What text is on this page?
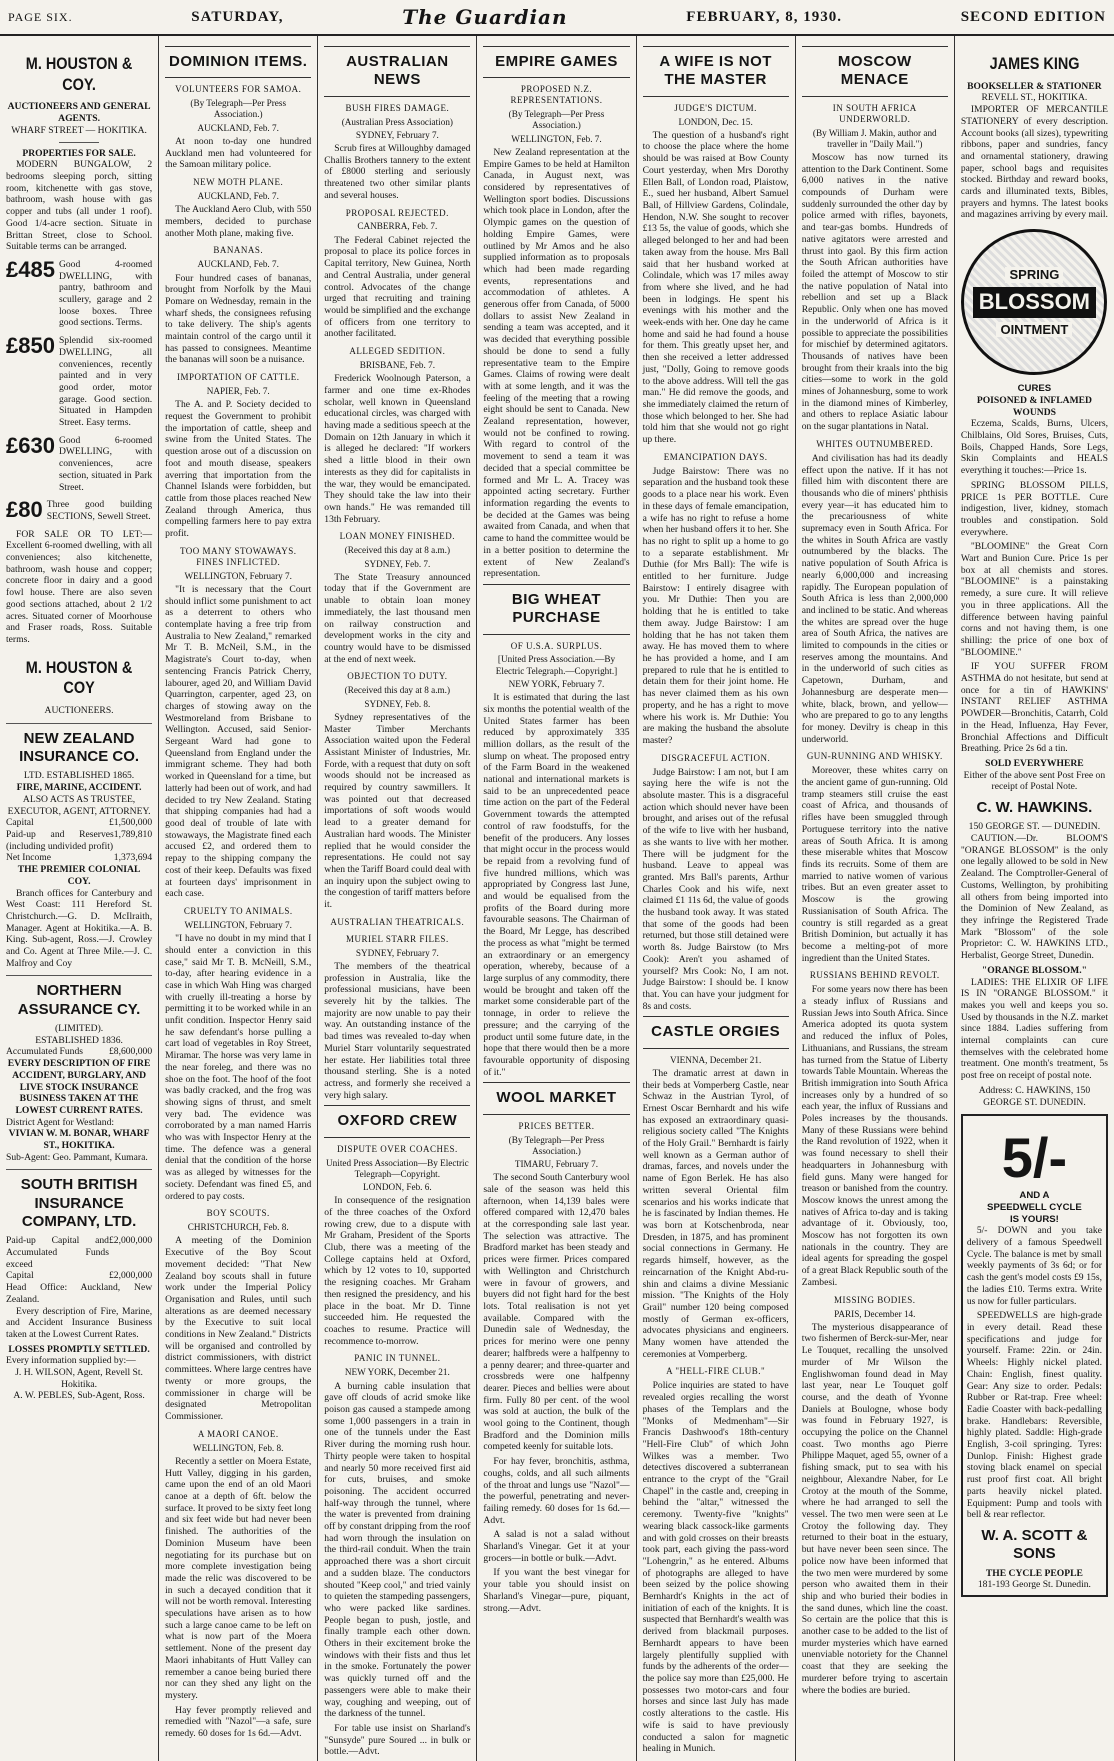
PAGE SIX.	SATURDAY,	The Guardian	FEBRUARY, 8, 1930.	SECOND EDITION
M. HOUSTON & COY.
AUCTIONEERS AND GENERAL AGENTS.
WHARF STREET — HOKITIKA.
PROPERTIES FOR SALE.
MODERN BUNGALOW, 2 bedrooms sleeping porch, sitting room, kitchenette with gas stove, bathroom, wash house with gas copper and tubs (all under 1 roof). Good 1/4-acre section. Situate in Brittan Street, close to School. Suitable terms can be arranged.
£485 Good 4-roomed DWELLING, with pantry, bathroom and scullery, garage and 2 loose boxes. Three good sections. Terms.
£850 Splendid six-roomed DWELLING, all conveniences, recently painted and in very good order, motor garage. Good section. Situated in Hampden Street. Easy terms.
£630 Good 6-roomed DWELLING, with conveniences, acre section, situated in Park Street.
£80 Three good building SECTIONS, Sewell Street.
FOR SALE OR TO LET:—Excellent 6-roomed dwelling, with all conveniences; also kitchenette, bathroom, wash house and copper; concrete floor in dairy and a good fowl house. There are also seven good sections attached, about 2 1/2 acres. Situated corner of Moorhouse and Fraser roads, Ross. Suitable terms.
M. HOUSTON & COY
AUCTIONEERS.
NEW ZEALAND INSURANCE CO.
LTD. ESTABLISHED 1865.
FIRE, MARINE, ACCIDENT.
ALSO ACTS AS TRUSTEE, EXECUTOR, AGENT, ATTORNEY.
Capital	£1,500,000
Paid-up and Reserves (including undivided profit)
1,789,810
Net Income	1,373,694
THE PREMIER COLONIAL COY.
Branch offices for Canterbury and West Coast: 111 Hereford St. Christchurch.—G. D. McIlraith, Manager. Agent at Hokitika.—A. B. King. Sub-agent, Ross.—J. Crowley and Co. Agent at Three Mile.—J. C. Malfroy and Coy
NORTHERN ASSURANCE CY.
(LIMITED).
ESTABLISHED 1836.
Accumulated Funds	£8,600,000
EVERY DESCRIPTION OF FIRE ACCIDENT, BURGLARY, AND LIVE STOCK INSURANCE BUSINESS TAKEN AT THE LOWEST CURRENT RATES.
District Agent for Westland:
VIVIAN W. M. BONAR, WHARF ST., HOKITIKA.
Sub-Agent: Geo. Pammant, Kumara.
SOUTH BRITISH INSURANCE COMPANY, LTD.
Paid-up Capital and Accumulated Funds exceed
£2,000,000
Capital	£2,000,000
Head Office: Auckland, New Zealand.
Every description of Fire, Marine, and Accident Insurance Business taken at the Lowest Current Rates.
LOSSES PROMPTLY SETTLED.
Every information supplied by:—
J. H. WILSON, Agent, Revell St. Hokitika.
A. W. PEBLES, Sub-Agent, Ross.
DOMINION ITEMS.
VOLUNTEERS FOR SAMOA.
(By Telegraph—Per Press Association.)
AUCKLAND, Feb. 7.
At noon to-day one hundred Auckland men had volunteered for the Samoan military police.
NEW MOTH PLANE.
AUCKLAND, Feb. 7.
The Auckland Aero Club, with 550 members, decided to purchase another Moth plane, making five.
BANANAS.
AUCKLAND, Feb. 7.
Four hundred cases of bananas, brought from Norfolk by the Maui Pomare on Wednesday, remain in the wharf sheds, the consignees refusing to take delivery. The ship's agents maintain control of the cargo until it has passed to consignees. Meantime the bananas will soon be a nuisance.
IMPORTATION OF CATTLE.
NAPIER, Feb. 7.
The A. and P. Society decided to request the Government to prohibit the importation of cattle, sheep and swine from the United States. The question arose out of a discussion on foot and mouth disease, speakers averring that importation from the Channel Islands were forbidden, but cattle from those places reached New Zealand through America, thus compelling farmers here to pay extra profit.
TOO MANY STOWAWAYS. FINES INFLICTED.
WELLINGTON, February 7.
"It is necessary that the Court should inflict some punishment to act as a deterrent to others who contemplate having a free trip from Australia to New Zealand," remarked Mr T. B. McNeil, S.M., in the Magistrate's Court to-day, when sentencing Francis Patrick Cherry, labourer, aged 20, and William David Quarrington, carpenter, aged 23, on charges of stowing away on the Westmoreland from Brisbane to Wellington. Accused, said Senior-Sergeant Ward had gone to Queensland from England under the immigrant scheme. They had both worked in Queensland for a time, but latterly had been out of work, and had decided to try New Zealand. Stating that shipping companies had had a good deal of trouble of late with stowaways, the Magistrate fined each accused £2, and ordered them to repay to the shipping company the cost of their keep. Defaults was fixed at fourteen days' imprisonment in each case.
CRUELTY TO ANIMALS.
WELLINGTON, February 7.
"I have no doubt in my mind that I should enter a conviction in this case," said Mr T. B. McNeill, S.M., to-day, after hearing evidence in a case in which Wah Hing was charged with cruelly ill-treating a horse by permitting it to be worked while in an unfit condition. Inspector Henry said he saw defendant's horse pulling a cart load of vegetables in Roy Street, Miramar. The horse was very lame in the near foreleg, and there was no shoe on the foot. The hoof of the foot was badly cracked, and the frog was showing signs of thrust, and smelt very bad. The evidence was corroborated by a man named Harris who was with Inspector Henry at the time. The defence was a general denial that the condition of the horse was as alleged by witnesses for the society. Defendant was fined £5, and ordered to pay costs.
BOY SCOUTS.
CHRISTCHURCH, Feb. 8.
A meeting of the Dominion Executive of the Boy Scout movement decided: "That New Zealand boy scouts shall in future work under the Imperial Policy Organisation and Rules, until such alterations as are deemed necessary by the Executive to suit local conditions in New Zealand." Districts will be organised and controlled by district commissioners, with district committees. Where large centres have twenty or more groups, the commissioner in charge will be designated Metropolitan Commissioner.
A MAORI CANOE.
WELLINGTON, Feb. 8.
Recently a settler on Moera Estate, Hutt Valley, digging in his garden, came upon the end of an old Maori canoe at a depth of 6ft. below the surface. It proved to be sixty feet long and six feet wide but had never been finished. The authorities of the Dominion Museum have been negotiating for its purchase but on more complete investigation being made the relic was discovered to be in such a decayed condition that it will not be worth removal. Interesting speculations have arisen as to how such a large canoe came to be left on what is now part of the Moera settlement. None of the present day Maori inhabitants of Hutt Valley can remember a canoe being buried there nor can they shed any light on the mystery.
Hay fever promptly relieved and remedied with "Nazol"—a safe, sure remedy. 60 doses for 1s 6d.—Advt.
AUSTRALIAN NEWS
BUSH FIRES DAMAGE.
(Australian Press Association)
SYDNEY, February 7.
Scrub fires at Willoughby damaged Challis Brothers tannery to the extent of £8000 sterling and seriously threatened two other similar plants and several houses.
PROPOSAL REJECTED.
CANBERRA, Feb. 7.
The Federal Cabinet rejected the proposal to place its police forces in Capital territory, New Guinea, North and Central Australia, under general control. Advocates of the change urged that recruiting and training would be simplified and the exchange of officers from one territory to another facilitated.
ALLEGED SEDITION.
BRISBANE, Feb. 7.
Frederick Woolnough Paterson, a farmer and one time ex-Rhodes scholar, well known in Queensland educational circles, was charged with having made a seditious speech at the Domain on 12th January in which it is alleged he declared: "If workers shed a little blood in their own interests as they did for capitalists in the war, they would be emancipated. They should take the law into their own hands." He was remanded till 13th February.
LOAN MONEY FINISHED.
(Received this day at 8 a.m.)
SYDNEY, Feb. 7.
The State Treasury announced today that if the Government are unable to obtain loan money immediately, the last thousand men on railway construction and development works in the city and country would have to be dismissed at the end of next week.
OBJECTION TO DUTY.
(Received this day at 8 a.m.)
SYDNEY, Feb. 8.
Sydney representatives of the Master Timber Merchants Association waited upon the Federal Assistant Minister of Industries, Mr. Forde, with a request that duty on soft woods should not be increased as required by country sawmillers. It was pointed out that decreased importations of soft woods would lead to a greater demand for Australian hard woods. The Minister replied that he would consider the representations. He could not say when the Tariff Board could deal with an inquiry upon the subject owing to the congestion of tariff matters before it.
AUSTRALIAN THEATRICALS.
MURIEL STARR FILES.
SYDNEY, February 7.
The members of the theatrical profession in Australia, like the professional musicians, have been severely hit by the talkies. The majority are now unable to pay their way. An outstanding instance of the bad times was revealed to-day when Muriel Starr voluntarily sequestrated her estate. Her liabilities total three thousand sterling. She is a noted actress, and formerly she received a very high salary.
OXFORD CREW
DISPUTE OVER COACHES.
United Press Association—By Electric Telegraph—Copyright.
LONDON, Feb. 6.
In consequence of the resignation of the three coaches of the Oxford rowing crew, due to a dispute with Mr Graham, President of the Sports Club, there was a meeting of the College captains held at Oxford, which by 12 votes to 10, supported the resigning coaches. Mr Graham then resigned the presidency, and his place in the boat. Mr D. Tinne succeeded him. He requested the coaches to resume. Practice will recommence to-morrow.
PANIC IN TUNNEL.
NEW YORK, December 21.
A burning cable insulation that gave off clouds of acrid smoke like poison gas caused a stampede among some 1,000 passengers in a train in one of the tunnels under the East River during the morning rush hour. Thirty people were taken to hospital and nearly 50 more received first aid for cuts, bruises, and smoke poisoning. The accident occurred half-way through the tunnel, where the water is prevented from draining off by constant dripping from the roof had worn through the insulation on the third-rail conduit. When the train approached there was a short circuit and a sudden blaze. The conductors shouted "Keep cool," and tried vainly to quieten the stampeding passengers, who were packed like sardines. People began to push, jostle, and finally trample each other down. Others in their excitement broke the windows with their fists and thus let in the smoke. Fortunately the power was quickly turned off and the passengers were able to make their way, coughing and weeping, out of the darkness of the tunnel.
For table use insist on Sharland's "Sunsyde" pure Soured ... in bulk or bottle.—Advt.
EMPIRE GAMES
PROPOSED N.Z. REPRESENTATIONS.
(By Telegraph—Per Press Association.)
WELLINGTON, Feb. 7.
New Zealand representation at the Empire Games to be held at Hamilton Canada, in August next, was considered by representatives of Wellington sport bodies. Discussions which took place in London, after the Olympic games on the question of holding Empire Games, were outlined by Mr Amos and he also supplied information as to proposals which had been made regarding events, representations and accommodation of athletes. A generous offer from Canada, of 5000 dollars to assist New Zealand in sending a team was accepted, and it was decided that everything possible should be done to send a fully representative team to the Empire Games. Claims of rowing were dealt with at some length, and it was the feeling of the meeting that a rowing eight should be sent to Canada. New Zealand representation, however, would not be confined to rowing. With regard to control of the movement to send a team it was decided that a special committee be formed and Mr L. A. Tracey was appointed acting secretary. Further information regarding the events to be decided at the Games was being awaited from Canada, and when that came to hand the committee would be in a better position to determine the extent of New Zealand's representation.
BIG WHEAT PURCHASE
OF U.S.A. SURPLUS.
[United Press Association.—By Electric Telegraph.—Copyright.]
NEW YORK, February 7.
It is estimated that during the last six months the potential wealth of the United States farmer has been reduced by approximately 335 million dollars, as the result of the slump on wheat. The proposed entry of the Farm Board in the weakened national and international markets is said to be an unprecedented peace time action on the part of the Federal Government towards the attempted control of raw foodstuffs, for the benefit of the producers. Any losses that might occur in the process would be repaid from a revolving fund of five hundred millions, which was appropriated by Congress last June, and would be equalised from the profits of the Board during more favourable seasons. The Chairman of the Board, Mr Legge, has described the process as what "might be termed an extraordinary or an emergency operation, whereby, because of a large surplus of any commodity, there would be brought and taken off the market some considerable part of the tonnage, in order to relieve the pressure; and the carrying of the product until some future date, in the hope that there would then be a more favourable opportunity of disposing of it."
WOOL MARKET
PRICES BETTER.
(By Telegraph—Per Press Association.)
TIMARU, February 7.
The second South Canterbury wool sale of the season was held this afternoon, when 14,139 bales were offered compared with 12,470 bales at the corresponding sale last year. The selection was attractive. The Bradford market has been steady and prices were firmer. Prices compared with Wellington and Christchurch were in favour of growers, and buyers did not fight hard for the best lots. Total realisation is not yet available. Compared with the Dunedin sale of Wednesday, the prices for merino were one penny dearer; halfbreds were a halfpenny to a penny dearer; and three-quarter and crossbreds were one halfpenny dearer. Pieces and bellies were about firm. Fully 80 per cent. of the wool was sold at auction, the bulk of the wool going to the Continent, though Bradford and the Dominion mills competed keenly for suitable lots.
For hay fever, bronchitis, asthma, coughs, colds, and all such ailments of the throat and lungs use "Nazol"—the powerful, penetrating and never-failing remedy. 60 doses for 1s 6d.—Advt.
A salad is not a salad without Sharland's Vinegar. Get it at your grocers—in bottle or bulk.—Advt.
If you want the best vinegar for your table you should insist on Sharland's Vinegar—pure, piquant, strong.—Advt.
A WIFE IS NOT THE MASTER
JUDGE'S DICTUM.
LONDON, Dec. 15.
The question of a husband's right to choose the place where the home should be was raised at Bow County Court yesterday, when Mrs Dorothy Ellen Ball, of London road, Plaistow, E., sued her husband, Albert Samuel Ball, of Hillview Gardens, Colindale, Hendon, N.W. She sought to recover £13 5s, the value of goods, which she alleged belonged to her and had been taken away from the house. Mrs Ball said that her husband worked at Colindale, which was 17 miles away from where she lived, and he had been in lodgings. He spent his evenings with his mother and the week-ends with her. One day he came home and said he had found a house for them. This greatly upset her, and then she received a letter addressed just, "Dolly, Going to remove goods to the above address. Will tell the gas man." He did remove the goods, and she immediately claimed the return of those which belonged to her. She had told him that she would not go right up there.
EMANCIPATION DAYS.
Judge Bairstow: There was no separation and the husband took these goods to a place near his work. Even in these days of female emancipation, a wife has no right to refuse a home when her husband offers it to her. She has no right to split up a home to go to a separate establishment. Mr Duthie (for Mrs Ball): The wife is entitled to her furniture. Judge Bairstow: I entirely disagree with you. Mr Duthie: Then you are holding that he is entitled to take them away. Judge Bairstow: I am holding that he has not taken them away. He has moved them to where he has provided a home, and I am prepared to rule that he is entitled to detain them for their joint home. He has never claimed them as his own property, and he has a right to move where his work is. Mr Duthie: You are making the husband the absolute master?
DISGRACEFUL ACTION.
Judge Bairstow: I am not, but I am saying here the wife is not the absolute master. This is a disgraceful action which should never have been brought, and arises out of the refusal of the wife to live with her husband, as she wants to live with her mother. There will be judgment for the husband. Leave to appeal was granted. Mrs Ball's parents, Arthur Charles Cook and his wife, next claimed £1 11s 6d, the value of goods the husband took away. It was stated that some of the goods had been returned, but those still detained were worth 8s. Judge Bairstow (to Mrs Cook): Aren't you ashamed of yourself? Mrs Cook: No, I am not. Judge Bairstow: I should be. I know that. You can have your judgment for 8s and costs.
CASTLE ORGIES
VIENNA, December 21.
The dramatic arrest at dawn in their beds at Vomperberg Castle, near Schwaz in the Austrian Tyrol, of Ernest Oscar Bernhardt and his wife has exposed an extraordinary quasi-religious society called "The Knights of the Holy Grail." Bernhardt is fairly well known as a German author of dramas, farces, and novels under the name of Egon Berlek. He has also written several Oriental film scenarios and his works indicate that he is fascinated by Indian themes. He was born at Kotschenbroda, near Dresden, in 1875, and has prominent social connections in Germany. He regards himself, however, as the reincarnation of the Knight Abd-ru-shin and claims a divine Messianic mission. "The Knights of the Holy Grail" number 120 being composed mostly of German ex-officers, advocates physicians and engineers. Many women have attended the ceremonies at Vomperberg.
A "HELL-FIRE CLUB."
Police inquiries are stated to have revealed orgies recalling the worst phases of the Templars and the "Monks of Medmenham"—Sir Francis Dashwood's 18th-century "Hell-Fire Club" of which John Wilkes was a member. Two detectives discovered a subterranean entrance to the crypt of the "Grail Chapel" in the castle and, creeping in behind the "altar," witnessed the ceremony. Twenty-five "knights" wearing black cassock-like garments and with gold crosses on their breasts took part, each giving the pass-word "Lohengrin," as he entered. Albums of photographs are alleged to have been seized by the police showing Bernhardt's Knights in the act of initiation of each of the knights. It is suspected that Bernhardt's wealth was derived from blackmail purposes. Bernhardt appears to have been largely plentifully supplied with funds by the adherents of the order—the police say more than £25,000. He possesses two motor-cars and four horses and since last July has made costly alterations to the castle. His wife is said to have previously conducted a salon for magnetic healing in Munich.
MOSCOW MENACE
IN SOUTH AFRICA UNDERWORLD.
(By William J. Makin, author and traveller in "Daily Mail.")
Moscow has now turned its attention to the Dark Continent. Some 6,000 natives in the native compounds of Durham were suddenly surrounded the other day by police armed with rifles, bayonets, and tear-gas bombs. Hundreds of native agitators were arrested and thrust into gaol. By this firm action the South African authorities have foiled the attempt of Moscow to stir the native population of Natal into rebellion and set up a Black Republic. Only when one has moved in the underworld of Africa is it possible to appreciate the possibilities for mischief by determined agitators. Thousands of natives have been brought from their kraals into the big cities—some to work in the gold mines of Johannesburg, some to work in the diamond mines of Kimberley, and others to replace Asiatic labour on the sugar plantations in Natal.
WHITES OUTNUMBERED.
And civilisation has had its deadly effect upon the native. If it has not filled him with discontent there are thousands who die of miners' phthisis every year—it has educated him to the precariousness of white supremacy even in South Africa. For the whites in South Africa are vastly outnumbered by the blacks. The native population of South Africa is nearly 6,000,000 and increasing rapidly. The European population of South Africa is less than 2,000,000 and inclined to be static. And whereas the whites are spread over the huge area of South Africa, the natives are limited to compounds in the cities or reserves among the mountains. And in the underworld of such cities as Capetown, Durham, and Johannesburg are desperate men—white, black, brown, and yellow—who are prepared to go to any lengths for money. Devilry is cheap in this underworld.
GUN-RUNNING AND WHISKY.
Moreover, these whites carry on the ancient game of gun-running. Old tramp steamers still cruise the east coast of Africa, and thousands of rifles have been smuggled through Portuguese territory into the native areas of South Africa. It is among these miserable whites that Moscow finds its recruits. Some of them are married to native women of various tribes. But an even greater asset to Moscow is the growing Russianisation of South Africa. The country is still regarded as a great British Dominion, but actually it has become a melting-pot of more ingredient than the United States.
RUSSIANS BEHIND REVOLT.
For some years now there has been a steady influx of Russians and Russian Jews into South Africa. Since America adopted its quota system and reduced the influx of Poles, Lithuanians, and Russians, the stream has turned from the Statue of Liberty towards Table Mountain. Whereas the British immigration into South Africa increases only by a hundred of so each year, the influx of Russians and Poles increases by the thousands. Many of these Russians were behind the Rand revolution of 1922, when it was found necessary to shell their headquarters in Johannesburg with field guns. Many were hanged for treason or banished from the country. Moscow knows the unrest among the natives of Africa to-day and is taking advantage of it. Obviously, too, Moscow has not forgotten its own nationals in the country. They are ideal agents for spreading the gospel of a great Black Republic south of the Zambesi.
MISSING BODIES.
PARIS, December 14.
The mysterious disappearance of two fishermen of Berck-sur-Mer, near Le Touquet, recalling the unsolved murder of Mr Wilson the Englishwoman found dead in May last year, near Le Touquet golf course, and the death of Yvonne Daniels at Boulogne, whose body was found in February 1927, is occupying the police on the Channel coast. Two months ago Pierre Philippe Maquet, aged 55, owner of a fishing smack, put to sea with his neighbour, Alexandre Naber, for Le Crotoy at the mouth of the Somme, where he had arranged to sell the vessel. The two men were seen at Le Crotoy the following day. They returned to their boat in the estuary, but have never been seen since. The police now have been informed that the two men were murdered by some person who awaited them in their ship and who buried their bodies in the sand dunes, which line the coast. So certain are the police that this is another case to be added to the list of murder mysteries which have earned unenviable notoriety for the Channel coast that they are seeking the murderer before trying to ascertain where the bodies are buried.
JAMES KING
BOOKSELLER & STATIONER
REVELL ST., HOKITIKA.
IMPORTER OF MERCANTILE STATIONERY of every description. Account books (all sizes), typewriting ribbons, paper and sundries, fancy and ornamental stationery, drawing paper, school bags and requisites stocked. Birthday and reward books, cards and illuminated texts, Bibles, prayers and hymns. The latest books and magazines arriving by every mail.
SPRING
BLOSSOM
OINTMENT
CURES
POISONED & INFLAMED WOUNDS
Eczema, Scalds, Burns, Ulcers, Chilblains, Old Sores, Bruises, Cuts, Boils, Chapped Hands, Sore Legs, Skin Complaints and HEALS everything it touches:—Price 1s.
SPRING BLOSSOM PILLS, PRICE 1s PER BOTTLE. Cure indigestion, liver, kidney, stomach troubles and constipation. Sold everywhere.
"BLOOMINE" the Great Corn Wart and Bunion Cure. Price 1s per box at all chemists and stores. "BLOOMINE" is a painstaking remedy, a sure cure. It will relieve you in three applications. All the difference between having painful corns and not having them, is one shilling: the price of one box of "BLOOMINE."
IF YOU SUFFER FROM ASTHMA do not hesitate, but send at once for a tin of HAWKINS' INSTANT RELIEF ASTHMA POWDER—Bronchitis, Catarrh, Cold in the Head, Influenza, Hay Fever, Bronchial Affections and Difficult Breathing. Price 2s 6d a tin.
SOLD EVERYWHERE
Either of the above sent Post Free on receipt of Postal Note.
C. W. HAWKINS.
150 GEORGE ST. — DUNEDIN.
CAUTION.—Dr. BLOOM'S "ORANGE BLOSSOM" is the only one legally allowed to be sold in New Zealand. The Comptroller-General of Customs, Wellington, by prohibiting all others from being imported into the Dominion of New Zealand, as they infringe the Registered Trade Mark "Blossom" of the sole Proprietor: C. W. HAWKINS LTD., Herbalist, George Street, Dunedin.
"ORANGE BLOSSOM."
LADIES: THE ELIXIR OF LIFE IS IN "ORANGE BLOSSOM." it makes you well and keeps you so. Used by thousands in the N.Z. market since 1884. Ladies suffering from internal complaints can cure themselves with the celebrated home treatment. One month's treatment, 5s post free on receipt of postal note.
Address: C. HAWKINS, 150 GEORGE ST. DUNEDIN.
5/-
AND A
SPEEDWELL CYCLE
IS YOURS!
5/- DOWN and you take delivery of a famous Speedwell Cycle. The balance is met by small weekly payments of 3s 6d; or for cash the gent's model costs £9 15s, the ladies £10. Terms extra. Write us now for fuller particulars.
SPEEDWELLS are high-grade in every detail. Read these specifications and judge for yourself. Frame: 22in. or 24in. Wheels: Highly nickel plated. Chain: English, finest quality. Gear: Any size to order. Pedals: Rubber or Rat-trap. Free wheel: Eadie Coaster with back-pedalling brake. Handlebars: Reversible, highly plated. Saddle: High-grade English, 3-coil springing. Tyres: Dunlop. Finish: Highest grade stoving black enamel on special rust proof first coat. All bright parts heavily nickel plated. Equipment: Pump and tools with bell & rear reflector.
W. A. SCOTT & SONS
THE CYCLE PEOPLE
181-193 George St. Dunedin.
